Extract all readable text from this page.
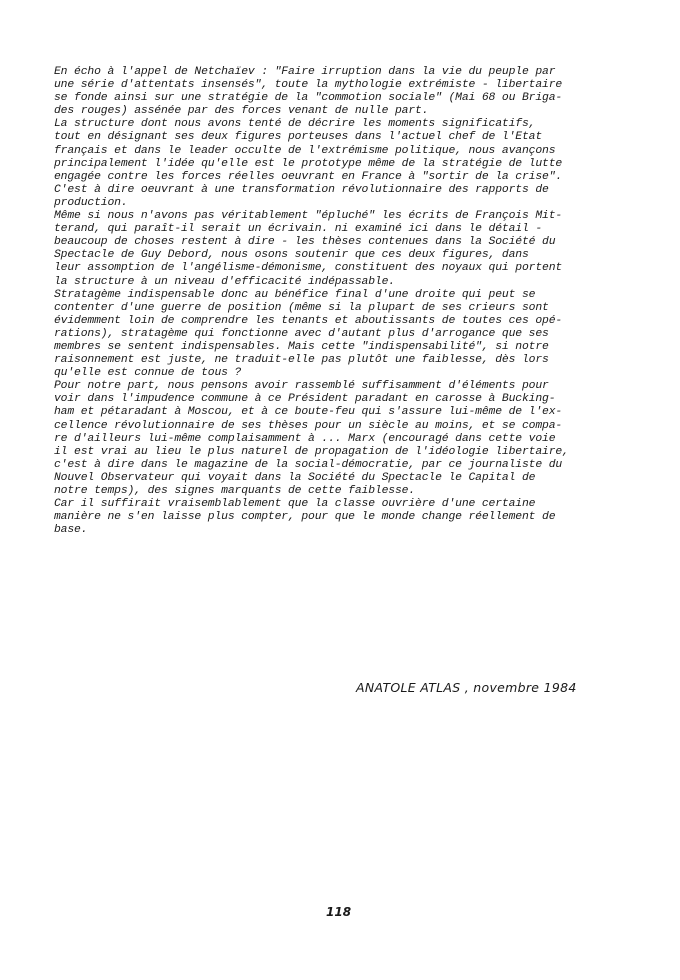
En écho à l'appel de Netchaïev : "Faire irruption dans la vie du peuple par
une série d'attentats insensés", toute la mythologie extrémiste - libertaire
se fonde ainsi sur une stratégie de la "commotion sociale" (Mai 68 ou Briga-
des rouges) assénée par des forces venant de nulle part.
La structure dont nous avons tenté de décrire les moments significatifs,
tout en désignant ses deux figures porteuses dans l'actuel chef de l'Etat
français et dans le leader occulte de l'extrémisme politique, nous avançons
principalement l'idée qu'elle est le prototype même de la stratégie de lutte
engagée contre les forces réelles oeuvrant en France à "sortir de la crise".
C'est à dire oeuvrant à une transformation révolutionnaire des rapports de
production.
Même si nous n'avons pas véritablement "épluché" les écrits de François Mit-
terand, qui paraît-il serait un écrivain. ni examiné ici dans le détail -
beaucoup de choses restent à dire - les thèses contenues dans la Société du
Spectacle de Guy Debord, nous osons soutenir que ces deux figures, dans
leur assomption de l'angélisme-démonisme, constituent des noyaux qui portent
la structure à un niveau d'efficacité indépassable.
Stratagème indispensable donc au bénéfice final d'une droite qui peut se
contenter d'une guerre de position (même si la plupart de ses crieurs sont
évidemment loin de comprendre les tenants et aboutissants de toutes ces opé-
rations), stratagème qui fonctionne avec d'autant plus d'arrogance que ses
membres se sentent indispensables. Mais cette "indispensabilité", si notre
raisonnement est juste, ne traduit-elle pas plutôt une faiblesse, dès lors
qu'elle est connue de tous ?
Pour notre part, nous pensons avoir rassemblé suffisamment d'éléments pour
voir dans l'impudence commune à ce Président paradant en carosse à Bucking-
ham et pétaradant à Moscou, et à ce boute-feu qui s'assure lui-même de l'ex-
cellence révolutionnaire de ses thèses pour un siècle au moins, et se compa-
re d'ailleurs lui-même complaisamment à ... Marx (encouragé dans cette voie
il est vrai au lieu le plus naturel de propagation de l'idéologie libertaire,
c'est à dire dans le magazine de la social-démocratie, par ce journaliste du
Nouvel Observateur qui voyait dans la Société du Spectacle le Capital de
notre temps), des signes marquants de cette faiblesse.
Car il suffirait vraisemblablement que la classe ouvrière d'une certaine
manière ne s'en laisse plus compter, pour que le monde change réellement de
base.
ANATOLE ATLAS , novembre 1984
118
